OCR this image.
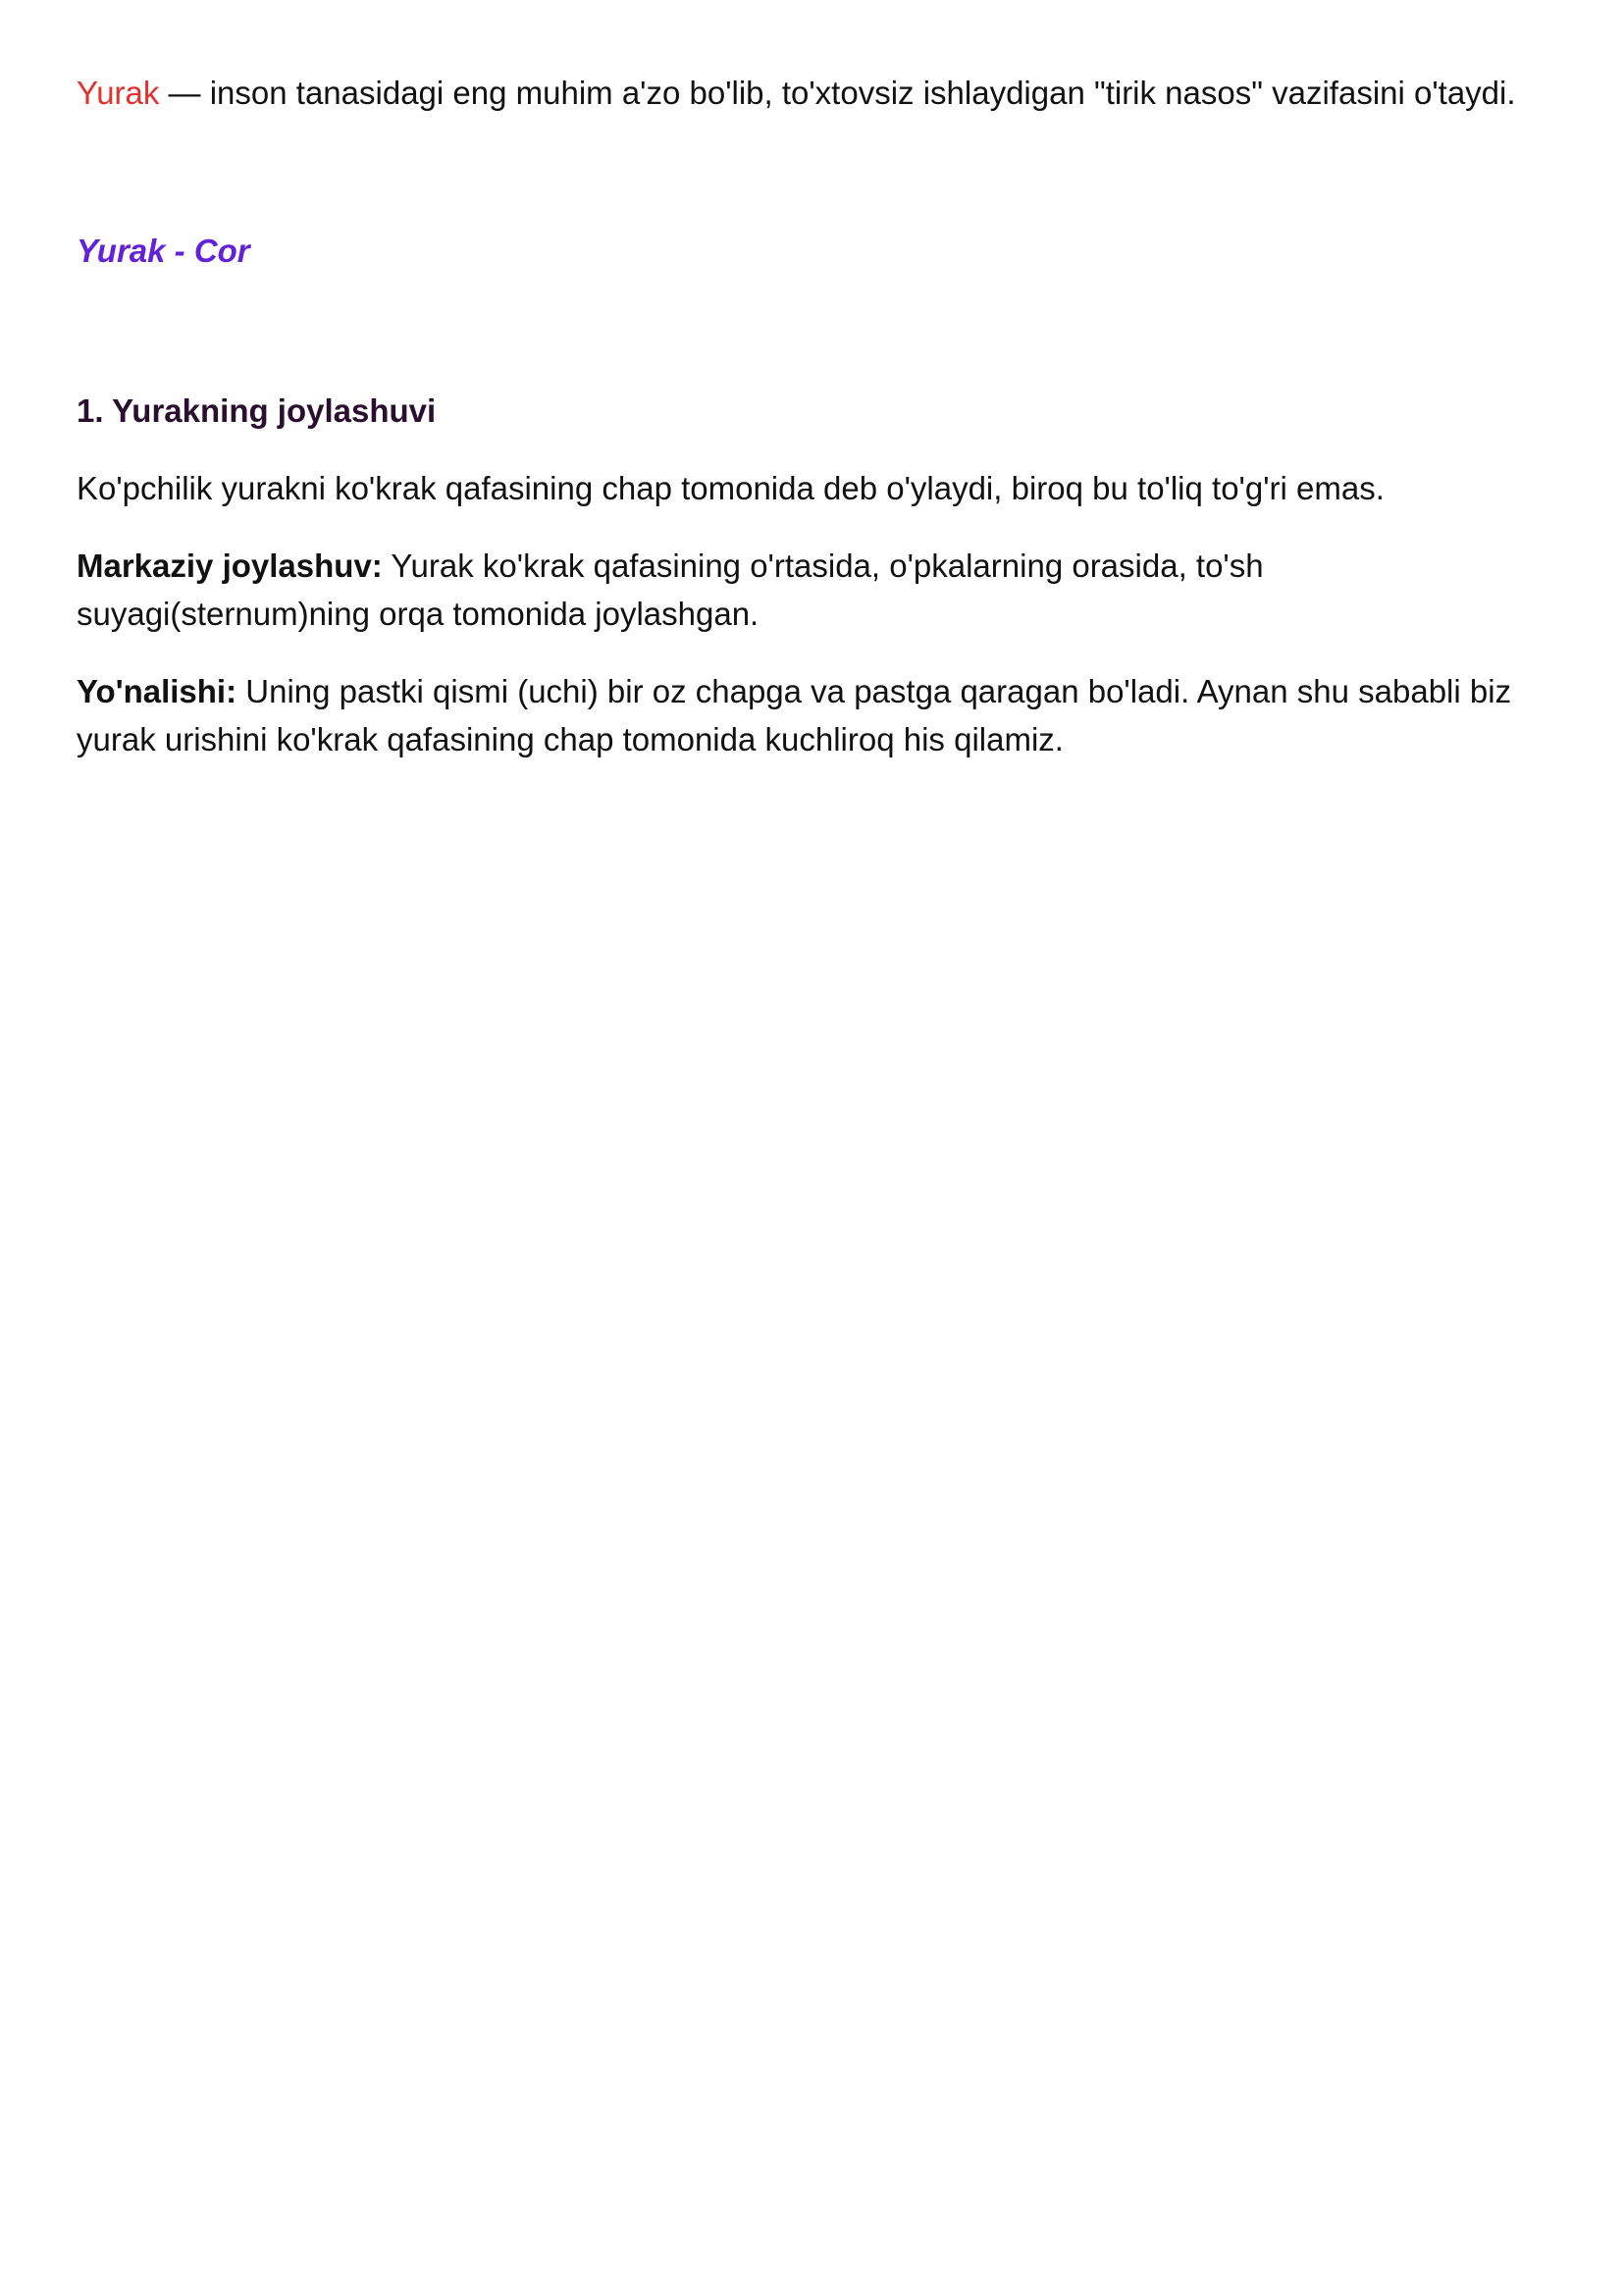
Yurak — inson tanasidagi eng muhim a'zo bo'lib, to'xtovsiz ishlaydigan "tirik nasos" vazifasini o'taydi.

Yurak - Cor

1. Yurakning joylashuvi

Ko'pchilik yurakni ko'krak qafasining chap tomonida deb o'ylaydi, biroq bu to'liq to'g'ri emas.

Markaziy joylashuv: Yurak ko'krak qafasining o'rtasida, o'pkalarning orasida, to'sh
suyagi(sternum)ning orqa tomonida joylashgan.

Yo'nalishi: Uning pastki qismi (uchi) bir oz chapga va pastga qaragan bo'ladi. Aynan shu sababli biz
yurak urishini ko'krak qafasining chap tomonida kuchliroq his qilamiz.
